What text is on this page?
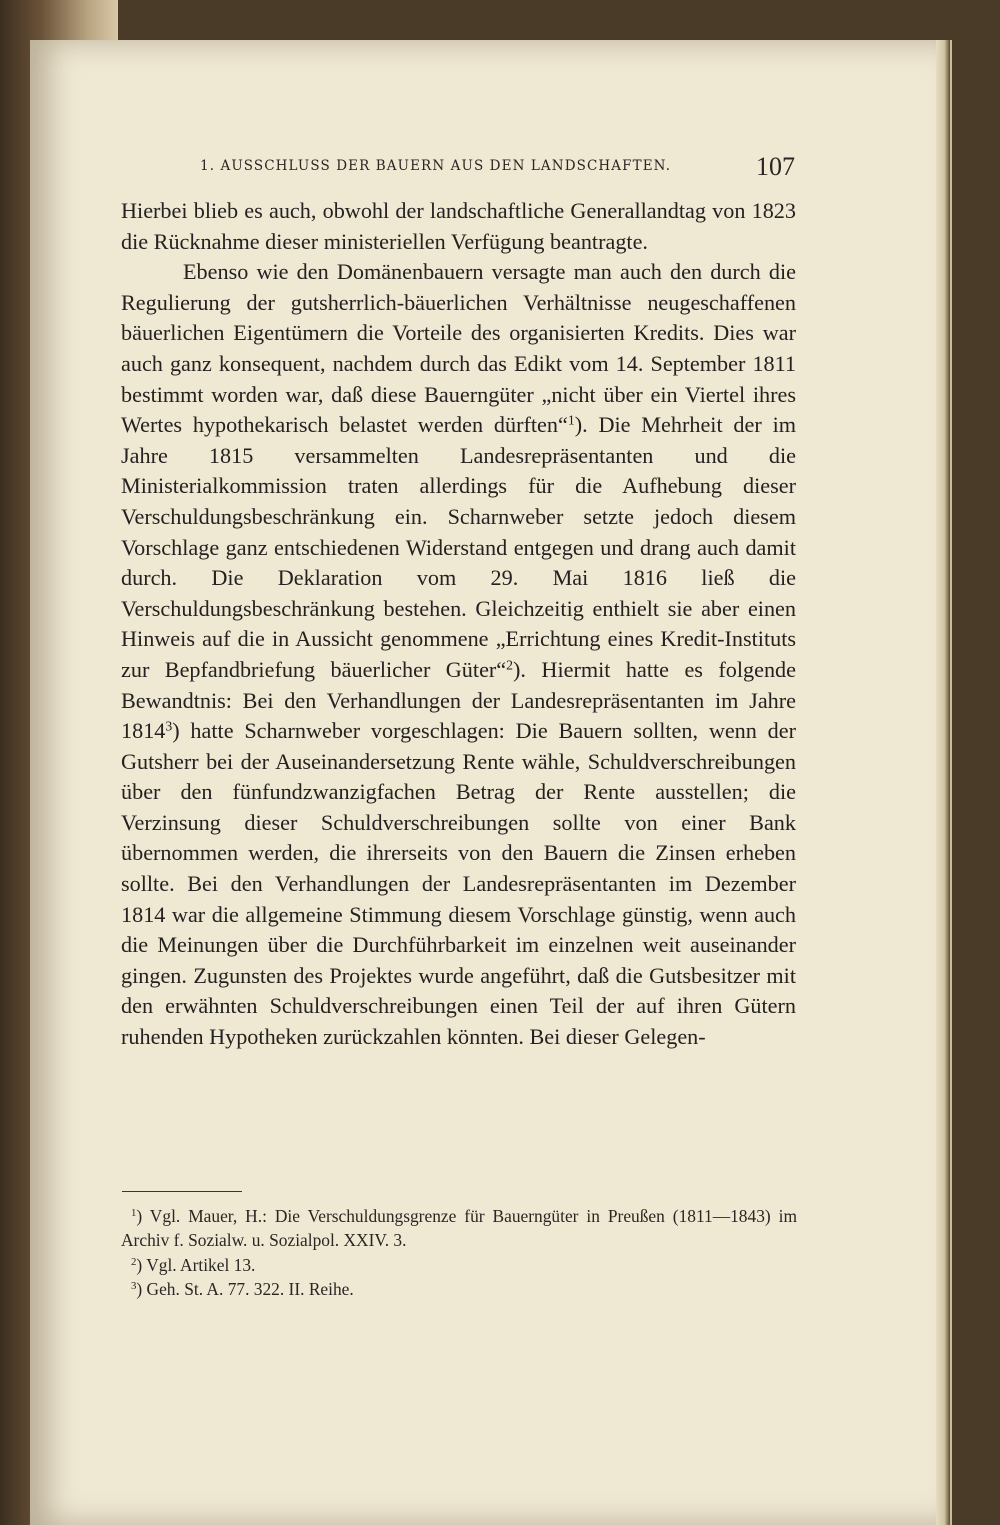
1. AUSSCHLUSS DER BAUERN AUS DEN LANDSCHAFTEN.	107

Hierbei blieb es auch, obwohl der landschaftliche Generallandtag von 1823 die Rücknahme dieser ministeriellen Verfügung beantragte.

Ebenso wie den Domänenbauern versagte man auch den durch die Regulierung der gutsherrlich-bäuerlichen Verhältnisse neugeschaffenen bäuerlichen Eigentümern die Vorteile des organisierten Kredits. Dies war auch ganz konsequent, nachdem durch das Edikt vom 14. September 1811 bestimmt worden war, daß diese Bauerngüter „nicht über ein Viertel ihres Wertes hypothekarisch belastet werden dürften“$^1$). Die Mehrheit der im Jahre 1815 versammelten Landesrepräsentanten und die Ministerialkommission traten allerdings für die Aufhebung dieser Verschuldungsbeschränkung ein. Scharnweber setzte jedoch diesem Vorschlage ganz entschiedenen Widerstand entgegen und drang auch damit durch. Die Deklaration vom 29. Mai 1816 ließ die Verschuldungsbeschränkung bestehen. Gleichzeitig enthielt sie aber einen Hinweis auf die in Aussicht genommene „Errichtung eines Kredit-Instituts zur Bepfandbriefung bäuerlicher Güter“$^2$). Hiermit hatte es folgende Bewandtnis: Bei den Verhandlungen der Landesrepräsentanten im Jahre 1814$^3$) hatte Scharnweber vorgeschlagen: Die Bauern sollten, wenn der Gutsherr bei der Auseinandersetzung Rente wähle, Schuldverschreibungen über den fünfundzwanzigfachen Betrag der Rente ausstellen; die Verzinsung dieser Schuldverschreibungen sollte von einer Bank übernommen werden, die ihrerseits von den Bauern die Zinsen erheben sollte. Bei den Verhandlungen der Landesrepräsentanten im Dezember 1814 war die allgemeine Stimmung diesem Vorschlage günstig, wenn auch die Meinungen über die Durchführbarkeit im einzelnen weit auseinander gingen. Zugunsten des Projektes wurde angeführt, daß die Gutsbesitzer mit den erwähnten Schuldverschreibungen einen Teil der auf ihren Gütern ruhenden Hypotheken zurückzahlen könnten. Bei dieser Gelegen-

$^1$) Vgl. Mauer, H.: Die Verschuldungsgrenze für Bauerngüter in Preußen (1811—1843) im Archiv f. Sozialw. u. Sozialpol. XXIV. 3.

$^2$) Vgl. Artikel 13.

$^3$) Geh. St. A. 77. 322. II. Reihe.
